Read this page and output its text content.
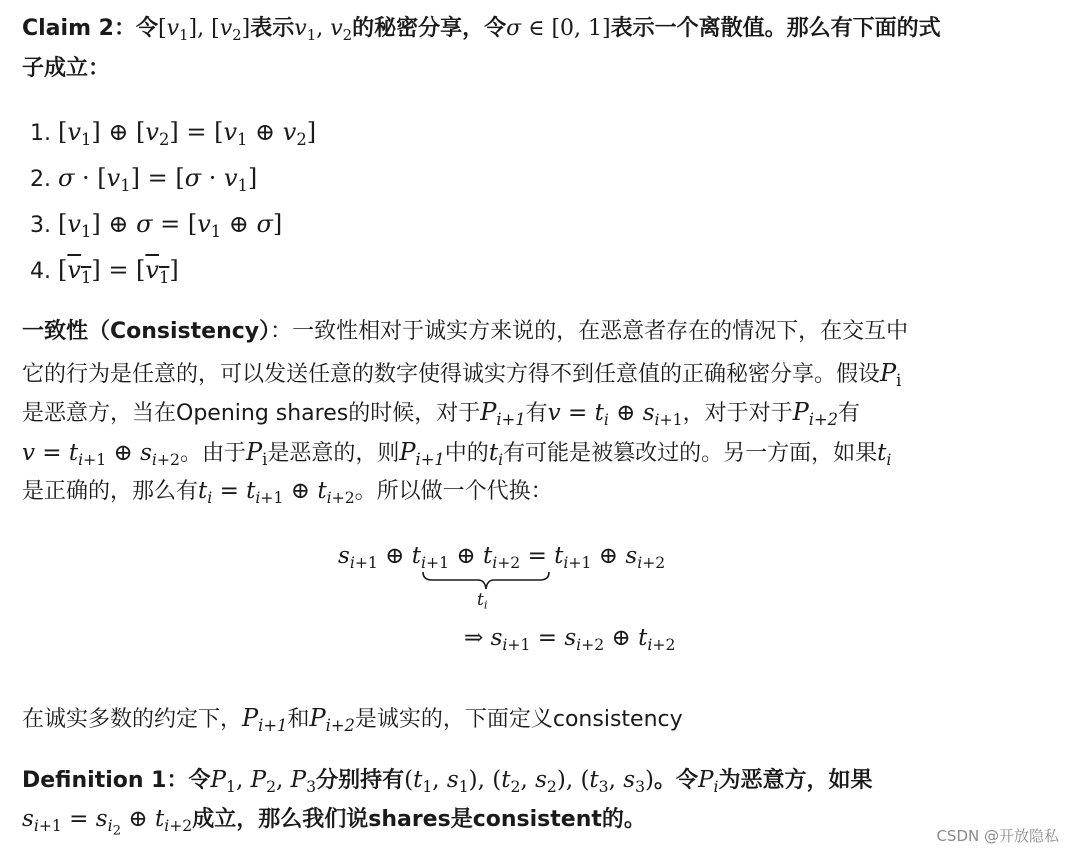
Claim 2：令$[v_1]$, $[v_2]$表示$v_1$, $v_2$的秘密分享，令σ ∈ [0, 1]表示一个离散值。那么有下面的式
子成立：
1. $[v_1]$ ⊕ $[v_2] = [v_1$ ⊕ $v_2$]
2. $\sigma \cdot [v_1] = [\sigma \cdot v_1]$
3. $[v_1]$ ⊕ $\sigma = [v_1$ ⊕ σ]
4. $[v_1] = [v_1]$
一致性（Consistency）：一致性相对于诚实方来说的，在恶意者存在的情况下，在交互中
它的行为是任意的，可以发送任意的数字使得诚实方得不到任意值的正确秘密分享。假设$P_i$
是恶意方，当在Opening shares的时候，对于$P_{i+1}$有$v = t_i$ ⊕ $s_{i+1}$，对于对于$P_{i+2}$有
$v = t_{i+1}$ ⊕ $s_{i+2}$。由于$P_i$是恶意的，则$P_{i+1}$中的$t_i$有可能是被篡改过的。另一方面，如果$t_i$
是正确的，那么有$t_i = t_{i+1}$ ⊕ $t_{i+2}$。所以做一个代换：
$s_{i+1}$ ⊕ $t_{i+1}$ ⊕ $t_{i+2} = t_{i+1}$ ⊕ $s_{i+2}$
$t_i$
⇒ $s_{i+1} = s_{i+2}$ ⊕ $t_{i+2}$
在诚实多数的约定下，$P_{i+1}$和$P_{i+2}$是诚实的，下面定义consistency
Definition 1：令$P_1$, $P_2$, $P_3$分别持有($t_1$, $s_1$), ($t_2$, $s_2$), ($t_3$, $s_3$)。令$P_i$为恶意方，如果
$s_{i+1} = s_{i_2}$ ⊕ $t_{i+2}$成立，那么我们说shares是consistent的。
CSDN @开放隐私
